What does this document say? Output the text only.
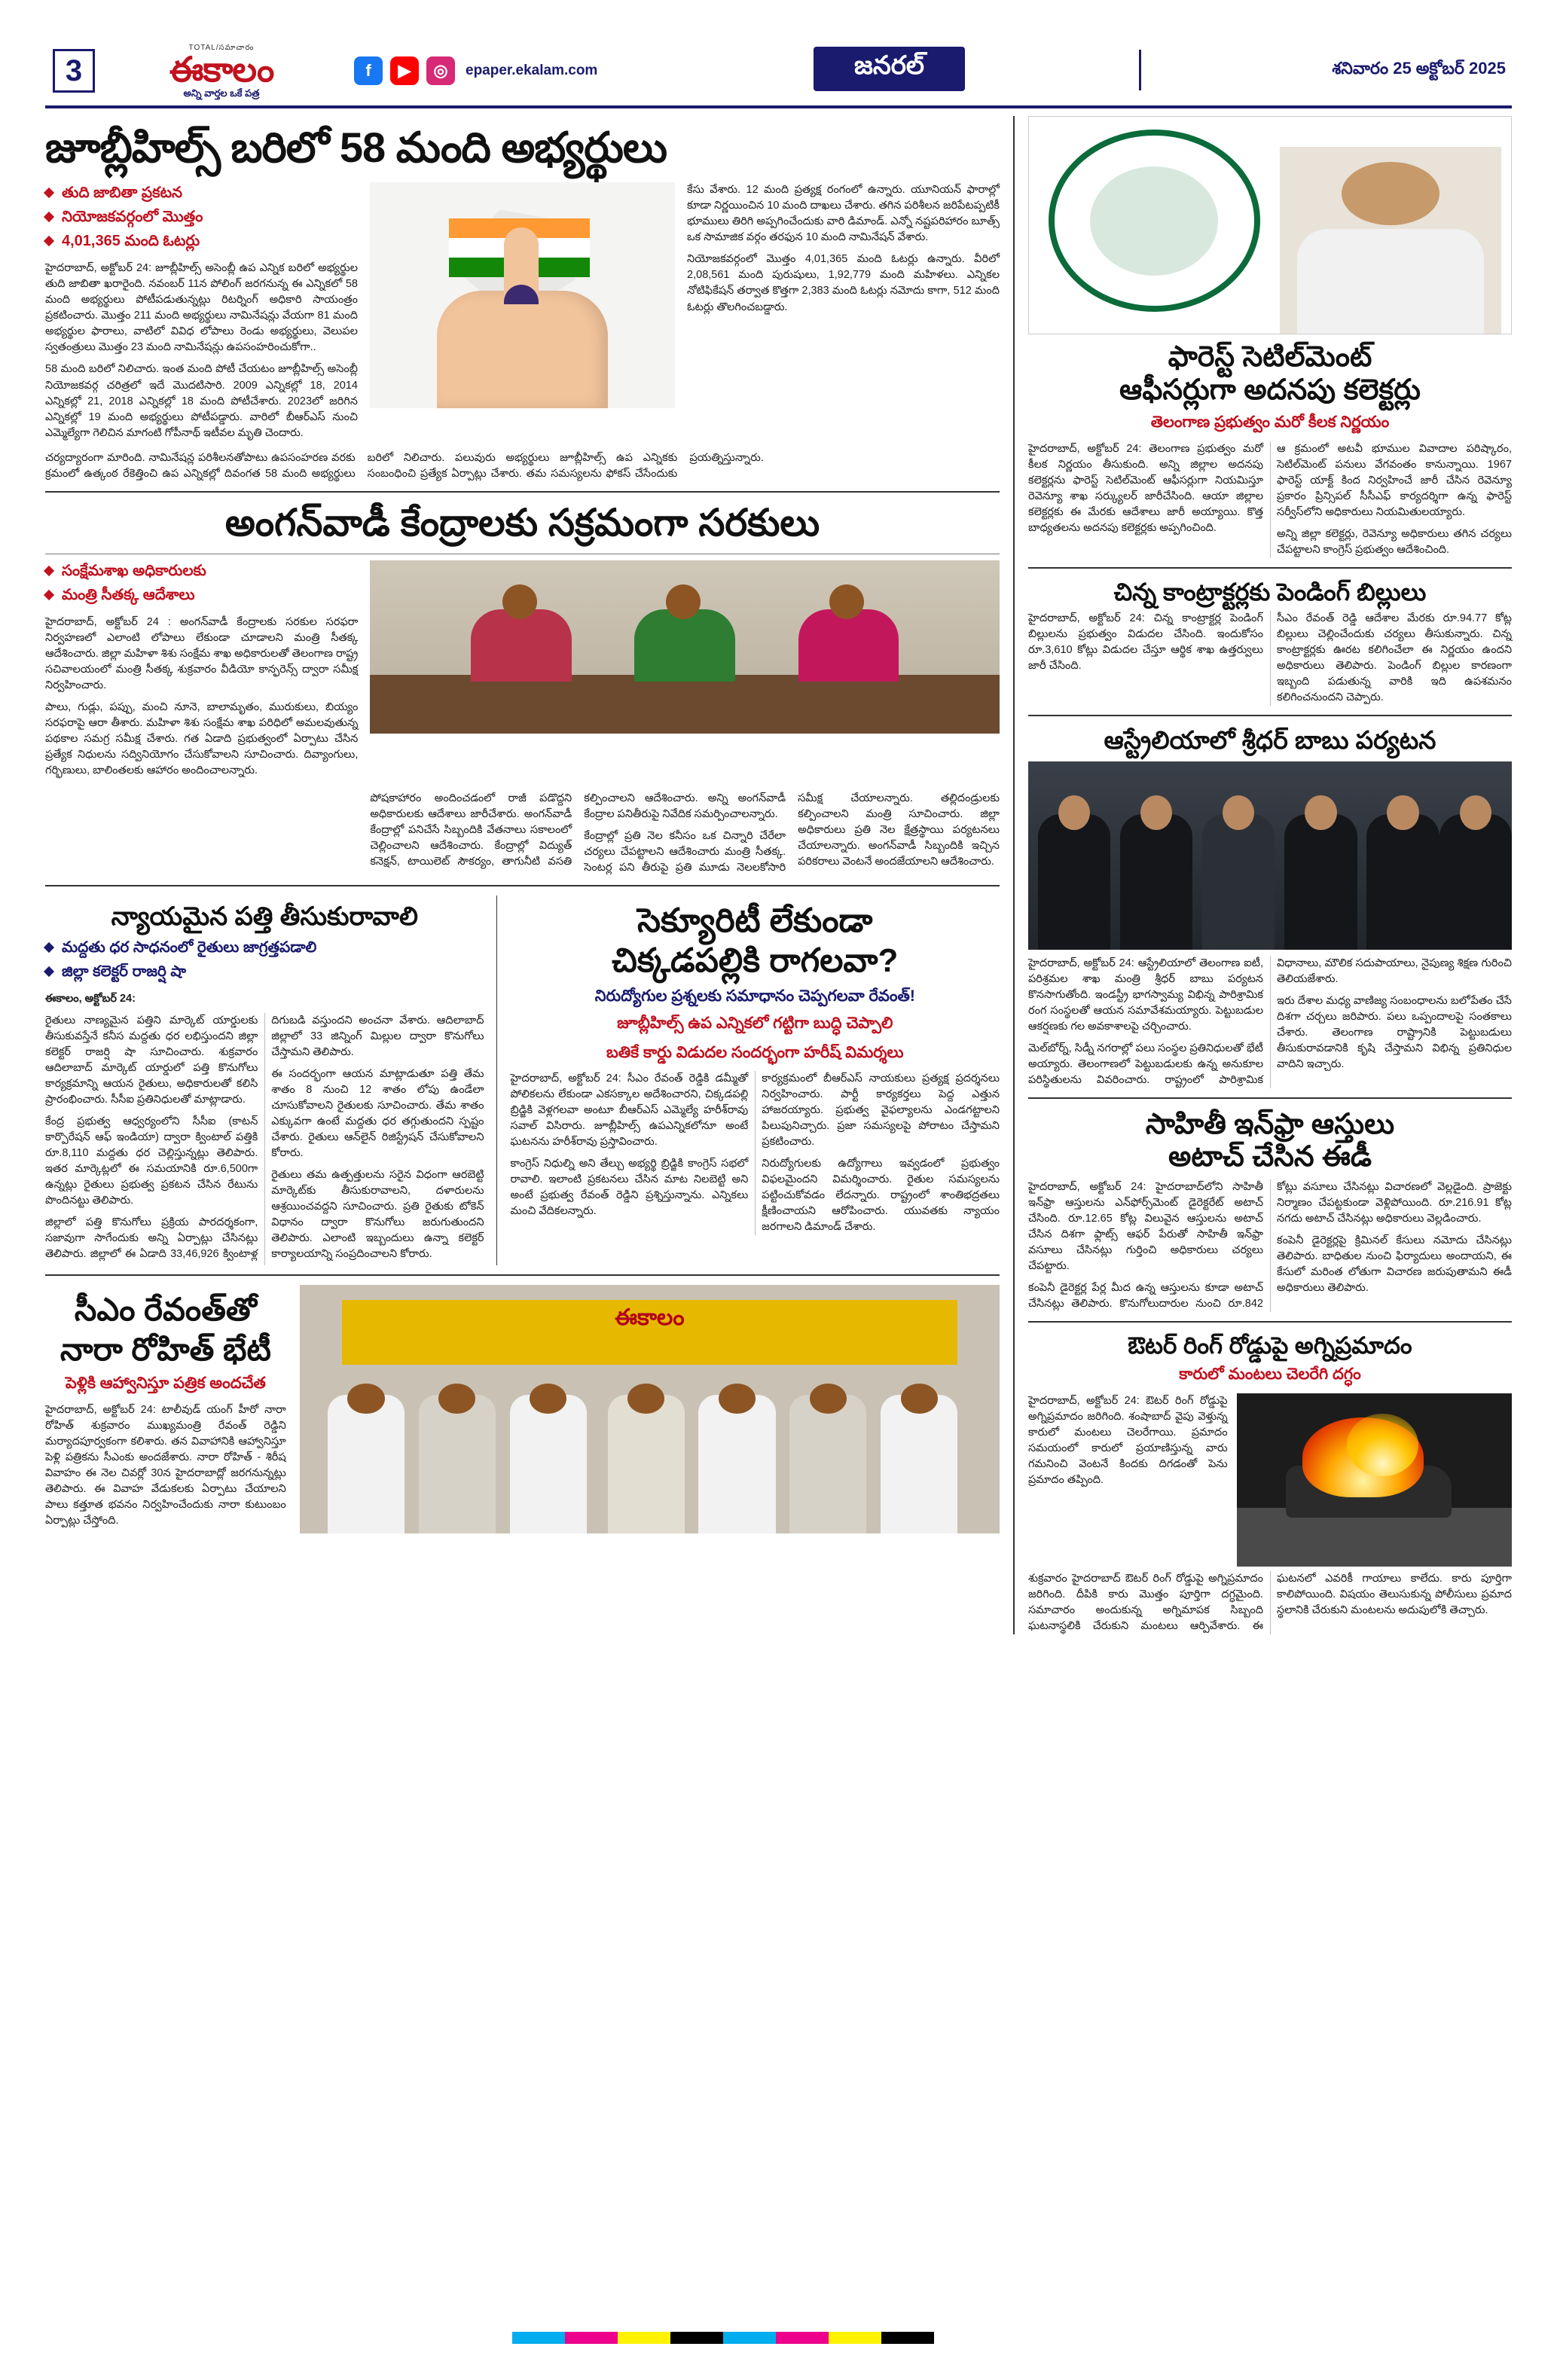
3
TOTAL/సమాచారం
ఈకాలం
అన్ని వార్తల ఒకే పత్ర
f	▶	◎	epaper.ekalam.com	జనరల్	శనివారం 25 అక్టోబర్ 2025
జూబ్లీహిల్స్ బరిలో 58 మంది అభ్యర్థులు
తుది జాబితా ప్రకటన
నియోజకవర్గంలో మొత్తం
4,01,365 మంది ఓటర్లు

హైదరాబాద్, అక్టోబర్ 24: జూబ్లీహిల్స్ అసెంబ్లీ ఉప ఎన్నిక బరిలో అభ్యర్థుల తుది జాబితా ఖరారైంది. నవంబర్ 11న పోలింగ్ జరగనున్న ఈ ఎన్నికలో 58 మంది అభ్యర్థులు పోటీపడుతున్నట్లు రిటర్నింగ్ అధికారి సాయంత్రం ప్రకటించారు. మొత్తం 211 మంది అభ్యర్థులు నామినేషన్లు వేయగా 81 మంది అభ్యర్థుల ఫారాలు, వాటిలో వివిధ లోపాలు రెండు అభ్యర్థులు, వెలుపల స్వతంత్రులు మొత్తం 23 మంది నామినేషన్లు ఉపసంహరించుకోగా..

58 మంది బరిలో నిలిచారు. ఇంత మంది పోటీ చేయటం జూబ్లీహిల్స్ అసెంబ్లీ నియోజకవర్గ చరిత్రలో ఇదే మొదటిసారి. 2009 ఎన్నికల్లో 18, 2014 ఎన్నికల్లో 21, 2018 ఎన్నికల్లో 18 మంది పోటీచేశారు. 2023లో జరిగిన ఎన్నికల్లో 19 మంది అభ్యర్థులు పోటీపడ్డారు. వారిలో బీఆర్ఎస్ నుంచి ఎమ్మెల్యేగా గెలిచిన మాగంటి గోపీనాథ్ ఇటీవల మృతి చెందారు.

కేసు వేశారు. 12 మంది ప్రత్యక్ష రంగంలో ఉన్నారు. యూనియన్ ఫారాల్లో కూడా నిర్ణయించిన 10 మంది దాఖలు చేశారు. తగిన పరిశీలన జరిపేటప్పటికీ భూములు తిరిగి అప్పగించేందుకు వారి డిమాండ్. ఎన్నో నష్టపరిహారం బూత్స్ ఒక సామాజిక వర్గం తరఫున 10 మంది నామినేషన్ వేశారు.

నియోజకవర్గంలో మొత్తం 4,01,365 మంది ఓటర్లు ఉన్నారు. వీరిలో 2,08,561 మంది పురుషులు, 1,92,779 మంది మహిళలు. ఎన్నికల నోటిఫికేషన్ తర్వాత కొత్తగా 2,383 మంది ఓటర్లు నమోదు కాగా, 512 మంది ఓటర్లు తొలగించబడ్డారు.

చర్యద్యారంగా మారింది. నామినేషన్ల పరిశీలనతోపాటు ఉపసంహరణ వరకు క్రమంలో ఉత్కంఠ రేకెత్తించి ఉప ఎన్నికల్లో దివంగత 58 మంది అభ్యర్థులు బరిలో నిలిచారు. పలువురు అభ్యర్థులు జూబ్లీహిల్స్ ఉప ఎన్నికకు సంబంధించి ప్రత్యేక ఏర్పాట్లు చేశారు. తమ సమస్యలను ఫోకస్ చేసేందుకు ప్రయత్నిస్తున్నారు.

అంగన్‌వాడీ కేంద్రాలకు సక్రమంగా సరకులు
సంక్షేమశాఖ అధికారులకు
మంత్రి సీతక్క ఆదేశాలు

హైదరాబాద్, అక్టోబర్ 24 : అంగన్‌వాడీ కేంద్రాలకు సరకుల సరఫరా నిర్వహణలో ఎలాంటి లోపాలు లేకుండా చూడాలని మంత్రి సీతక్క ఆదేశించారు. జిల్లా మహిళా శిశు సంక్షేమ శాఖ అధికారులతో తెలంగాణ రాష్ట్ర సచివాలయంలో మంత్రి సీతక్క శుక్రవారం వీడియో కాన్ఫరెన్స్ ద్వారా సమీక్ష నిర్వహించారు.

పాలు, గుడ్లు, పప్పు, మంచి నూనె, బాలామృతం, మురుకులు, బియ్యం సరఫరాపై ఆరా తీశారు. మహిళా శిశు సంక్షేమ శాఖ పరిధిలో అమలవుతున్న పథకాల సమగ్ర సమీక్ష చేశారు. గత ఏడాది ప్రభుత్వంలో ఏర్పాటు చేసిన ప్రత్యేక నిధులను సద్వినియోగం చేసుకోవాలని సూచించారు. దివ్యాంగులు, గర్భిణులు, బాలింతలకు ఆహారం అందించాలన్నారు.

పోషకాహారం అందించడంలో రాజీ పడొద్దని అధికారులకు ఆదేశాలు జారీచేశారు. అంగన్‌వాడీ కేంద్రాల్లో పనిచేసే సిబ్బందికి వేతనాలు సకాలంలో చెల్లించాలని ఆదేశించారు. కేంద్రాల్లో విద్యుత్ కనెక్షన్, టాయిలెట్ సౌకర్యం, తాగునీటి వసతి కల్పించాలని ఆదేశించారు. అన్ని అంగన్‌వాడీ కేంద్రాల పనితీరుపై నివేదిక సమర్పించాలన్నారు.

కేంద్రాల్లో ప్రతి నెల కనీసం ఒక చిన్నారి చేరేలా చర్యలు చేపట్టాలని ఆదేశించారు మంత్రి సీతక్క. సెంటర్ల పని తీరుపై ప్రతి మూడు నెలలకోసారి సమీక్ష చేయాలన్నారు. తల్లిదండ్రులకు కల్పించాలని మంత్రి సూచించారు. జిల్లా అధికారులు ప్రతి నెల క్షేత్రస్థాయి పర్యటనలు చేయాలన్నారు. అంగన్‌వాడీ సిబ్బందికి ఇచ్చిన పరికరాలు వెంటనే అందజేయాలని ఆదేశించారు.

న్యాయమైన పత్తి తీసుకురావాలి
మద్దతు ధర సాధనంలో రైతులు జాగ్రత్తపడాలి
జిల్లా కలెక్టర్ రాజర్షి షా

ఈకాలం, అక్టోబర్ 24:

రైతులు నాణ్యమైన పత్తిని మార్కెట్ యార్డులకు తీసుకువస్తేనే కనీస మద్దతు ధర లభిస్తుందని జిల్లా కలెక్టర్ రాజర్షి షా సూచించారు. శుక్రవారం ఆదిలాబాద్ మార్కెట్ యార్డులో పత్తి కొనుగోలు కార్యక్రమాన్ని ఆయన రైతులు, అధికారులతో కలిసి ప్రారంభించారు. సీసీఐ ప్రతినిధులతో మాట్లాడారు.

కేంద్ర ప్రభుత్వ ఆధ్వర్యంలోని సీసీఐ (కాటన్ కార్పొరేషన్ ఆఫ్ ఇండియా) ద్వారా క్వింటాల్ పత్తికి రూ.8,110 మద్దతు ధర చెల్లిస్తున్నట్లు తెలిపారు. ఇతర మార్కెట్లలో ఈ సమయానికి రూ.6,500గా ఉన్నట్లు రైతులు ప్రభుత్వ ప్రకటన చేసిన రేటును పొందినట్టు తెలిపారు.

జిల్లాలో పత్తి కొనుగోలు ప్రక్రియ పారదర్శకంగా, సజావుగా సాగేందుకు అన్ని ఏర్పాట్లు చేసినట్లు తెలిపారు. జిల్లాలో ఈ ఏడాది 33,46,926 క్వింటాళ్ల దిగుబడి వస్తుందని అంచనా వేశారు. ఆదిలాబాద్ జిల్లాలో 33 జిన్నింగ్ మిల్లుల ద్వారా కొనుగోలు చేస్తామని తెలిపారు.

ఈ సందర్భంగా ఆయన మాట్లాడుతూ పత్తి తేమ శాతం 8 నుంచి 12 శాతం లోపు ఉండేలా చూసుకోవాలని రైతులకు సూచించారు. తేమ శాతం ఎక్కువగా ఉంటే మద్దతు ధర తగ్గుతుందని స్పష్టం చేశారు. రైతులు ఆన్‌లైన్ రిజిస్ట్రేషన్ చేసుకోవాలని కోరారు.

రైతులు తమ ఉత్పత్తులను సరైన విధంగా ఆరబెట్టి మార్కెట్‌కు తీసుకురావాలని, దళారులను ఆశ్రయించవద్దని సూచించారు. ప్రతి రైతుకు టోకెన్ విధానం ద్వారా కొనుగోలు జరుగుతుందని తెలిపారు. ఎలాంటి ఇబ్బందులు ఉన్నా కలెక్టర్ కార్యాలయాన్ని సంప్రదించాలని కోరారు.

సెక్యూరిటీ లేకుండా
చిక్కడపల్లికి రాగలవా?
నిరుద్యోగుల ప్రశ్నలకు సమాధానం చెప్పగలవా రేవంత్!
జూబ్లీహిల్స్ ఉప ఎన్నికలో గట్టిగా బుద్ధి చెప్పాలి
బతికే కార్డు విడుదల సందర్భంగా హరీష్ విమర్శలు

హైదరాబాద్, అక్టోబర్ 24: సీఎం రేవంత్ రెడ్డికి డమ్మీతో పోలికలను లేకుండా ఎకసక్కాల అదేశించారని, చిక్కడపల్లి బ్రిడ్జికి వెళ్లగలవా అంటూ బీఆర్ఎస్ ఎమ్మెల్యే హరీశ్‌రావు సవాల్ విసిరారు. జూబ్లీహిల్స్ ఉపఎన్నికలోనూ అంటే ఘటనను హరీశ్‌రావు ప్రస్తావించారు.

కాంగ్రెస్ నిధుల్ని అని తేల్చు అభ్యర్థి బ్రిడ్జికి కాంగ్రెస్ సభలో రావాలి. ఇలాంటి ప్రకటనలు చేసిన మాట నిలబెట్టి అని అంటే ప్రభుత్వ రేవంత్ రెడ్డిని ప్రశ్నిస్తున్నాను. ఎన్నికలు మంచి వేదికలన్నారు.

కార్యక్రమంలో బీఆర్ఎస్ నాయకులు ప్రత్యక్ష ప్రదర్శనలు నిర్వహించారు. పార్టీ కార్యకర్తలు పెద్ద ఎత్తున హాజరయ్యారు. ప్రభుత్వ వైఫల్యాలను ఎండగట్టాలని పిలుపునిచ్చారు. ప్రజా సమస్యలపై పోరాటం చేస్తామని ప్రకటించారు.

నిరుద్యోగులకు ఉద్యోగాలు ఇవ్వడంలో ప్రభుత్వం విఫలమైందని విమర్శించారు. రైతుల సమస్యలను పట్టించుకోవడం లేదన్నారు. రాష్ట్రంలో శాంతిభద్రతలు క్షీణించాయని ఆరోపించారు. యువతకు న్యాయం జరగాలని డిమాండ్ చేశారు.

సీఎం రేవంత్‌తో
నారా రోహిత్ భేటీ
పెళ్లికి ఆహ్వానిస్తూ పత్రిక అందచేత

హైదరాబాద్, అక్టోబర్ 24: టాలీవుడ్ యంగ్ హీరో నారా రోహిత్ శుక్రవారం ముఖ్యమంత్రి రేవంత్ రెడ్డిని మర్యాదపూర్వకంగా కలిశారు. తన వివాహానికి ఆహ్వానిస్తూ పెళ్లి పత్రికను సీఎంకు అందజేశారు. నారా రోహిత్ - శిరీష వివాహం ఈ నెల చివర్లో 30న హైదరాబాద్లో జరగనున్నట్లు తెలిపారు. ఈ వివాహ వేడుకలకు ఏర్పాటు చేయాలని పాలు కత్తూత భవనం నిర్వహించేందుకు నారా కుటుంబం ఏర్పాట్లు చేస్తోంది.

ఈకాలం
ఫారెస్ట్ సెటిల్‌మెంట్
ఆఫీసర్లుగా అదనపు కలెక్టర్లు
తెలంగాణ ప్రభుత్వం మరో కీలక నిర్ణయం

హైదరాబాద్, అక్టోబర్ 24: తెలంగాణ ప్రభుత్వం మరో కీలక నిర్ణయం తీసుకుంది. అన్ని జిల్లాల అదనపు కలెక్టర్లను ఫారెస్ట్ సెటిల్‌మెంట్ ఆఫీసర్లుగా నియమిస్తూ రెవెన్యూ శాఖ సర్క్యులర్ జారీచేసింది. ఆయా జిల్లాల కలెక్టర్లకు ఈ మేరకు ఆదేశాలు జారీ అయ్యాయి. కొత్త బాధ్యతలను అదనపు కలెక్టర్లకు అప్పగించింది.

ఆ క్రమంలో అటవీ భూముల వివాదాల పరిష్కారం, సెటిల్‌మెంట్ పనులు వేగవంతం కానున్నాయి. 1967 ఫారెస్ట్ యాక్ట్ కింద నిర్వహించే జారీ చేసిన రెవెన్యూ ప్రకారం ప్రిన్సిపల్ సీసీఎఫ్ కార్యదర్శిగా ఉన్న ఫారెస్ట్ సర్వీస్‌లోని అధికారులు నియమితులయ్యారు.

అన్ని జిల్లా కలెక్టర్లు, రెవెన్యూ అధికారులు తగిన చర్యలు చేపట్టాలని కాంగ్రెస్ ప్రభుత్వం ఆదేశించింది.

చిన్న కాంట్రాక్టర్లకు పెండింగ్ బిల్లులు

హైదరాబాద్, అక్టోబర్ 24: చిన్న కాంట్రాక్టర్ల పెండింగ్ బిల్లులను ప్రభుత్వం విడుదల చేసింది. ఇందుకోసం రూ.3,610 కోట్లు విడుదల చేస్తూ ఆర్థిక శాఖ ఉత్తర్వులు జారీ చేసింది.

సీఎం రేవంత్ రెడ్డి ఆదేశాల మేరకు రూ.94.77 కోట్ల బిల్లులు చెల్లించేందుకు చర్యలు తీసుకున్నారు. చిన్న కాంట్రాక్టర్లకు ఊరట కలిగించేలా ఈ నిర్ణయం ఉందని అధికారులు తెలిపారు. పెండింగ్ బిల్లుల కారణంగా ఇబ్బంది పడుతున్న వారికి ఇది ఉపశమనం కలిగించనుందని చెప్పారు.

ఆస్ట్రేలియాలో శ్రీధర్ బాబు పర్యటన

హైదరాబాద్, అక్టోబర్ 24: ఆస్ట్రేలియాలో తెలంగాణ ఐటీ, పరిశ్రమల శాఖ మంత్రి శ్రీధర్ బాబు పర్యటన కొనసాగుతోంది. ఇండస్ట్రీ భాగస్వామ్య విభిన్న పారిశ్రామిక రంగ సంస్థలతో ఆయన సమావేశమయ్యారు. పెట్టుబడుల ఆకర్షణకు గల అవకాశాలపై చర్చించారు.

మెల్‌బోర్న్, సిడ్నీ నగరాల్లో పలు సంస్థల ప్రతినిధులతో భేటీ అయ్యారు. తెలంగాణలో పెట్టుబడులకు ఉన్న అనుకూల పరిస్థితులను వివరించారు. రాష్ట్రంలో పారిశ్రామిక విధానాలు, మౌలిక సదుపాయాలు, నైపుణ్య శిక్షణ గురించి తెలియజేశారు.

ఇరు దేశాల మధ్య వాణిజ్య సంబంధాలను బలోపేతం చేసే దిశగా చర్చలు జరిపారు. పలు ఒప్పందాలపై సంతకాలు చేశారు. తెలంగాణ రాష్ట్రానికి పెట్టుబడులు తీసుకురావడానికి కృషి చేస్తామని విభిన్న ప్రతినిధుల వాదిని ఇచ్చారు.

సాహితీ ఇన్‌ఫ్రా ఆస్తులు
అటాచ్ చేసిన ఈడీ

హైదరాబాద్, అక్టోబర్ 24: హైదరాబాద్‌లోని సాహితీ ఇన్‌ఫ్రా ఆస్తులను ఎన్‌ఫోర్స్‌మెంట్ డైరెక్టరేట్ అటాచ్ చేసింది. రూ.12.65 కోట్ల విలువైన ఆస్తులను అటాచ్ చేసిన దిశగా ఫ్లాట్స్ ఆఫర్ పేరుతో సాహితీ ఇన్‌ఫ్రా వసూలు చేసినట్లు గుర్తించి అధికారులు చర్యలు చేపట్టారు.

కంపెనీ డైరెక్టర్ల పేర్ల మీద ఉన్న ఆస్తులను కూడా అటాచ్ చేసినట్లు తెలిపారు. కొనుగోలుదారుల నుంచి రూ.842 కోట్లు వసూలు చేసినట్లు విచారణలో వెల్లడైంది. ప్రాజెక్టు నిర్మాణం చేపట్టకుండా వెళ్లిపోయింది. రూ.216.91 కోట్ల నగదు అటాచ్ చేసినట్లు అధికారులు వెల్లడించారు.

కంపెనీ డైరెక్టర్లపై క్రిమినల్ కేసులు నమోదు చేసినట్లు తెలిపారు. బాధితుల నుంచి ఫిర్యాదులు అందాయని, ఈ కేసులో మరింత లోతుగా విచారణ జరుపుతామని ఈడీ అధికారులు తెలిపారు.

ఔటర్ రింగ్ రోడ్డుపై అగ్నిప్రమాదం
కారులో మంటలు చెలరేగి దగ్ధం

హైదరాబాద్, అక్టోబర్ 24: ఔటర్ రింగ్ రోడ్డుపై అగ్నిప్రమాదం జరిగింది. శంషాబాద్ వైపు వెళ్తున్న కారులో మంటలు చెలరేగాయి. ప్రమాదం సమయంలో కారులో ప్రయాణిస్తున్న వారు గమనించి వెంటనే కిందకు దిగడంతో పెను ప్రమాదం తప్పింది.

శుక్రవారం హైదరాబాద్ ఔటర్ రింగ్ రోడ్డుపై అగ్నిప్రమాదం జరిగింది. దీపికి కారు మొత్తం పూర్తిగా దగ్ధమైంది. సమాచారం అందుకున్న అగ్నిమాపక సిబ్బంది ఘటనాస్థలికి చేరుకుని మంటలు ఆర్పివేశారు. ఈ ఘటనలో ఎవరికీ గాయాలు కాలేదు. కారు పూర్తిగా కాలిపోయింది. విషయం తెలుసుకున్న పోలీసులు ప్రమాద స్థలానికి చేరుకుని మంటలను అదుపులోకి తెచ్చారు.
